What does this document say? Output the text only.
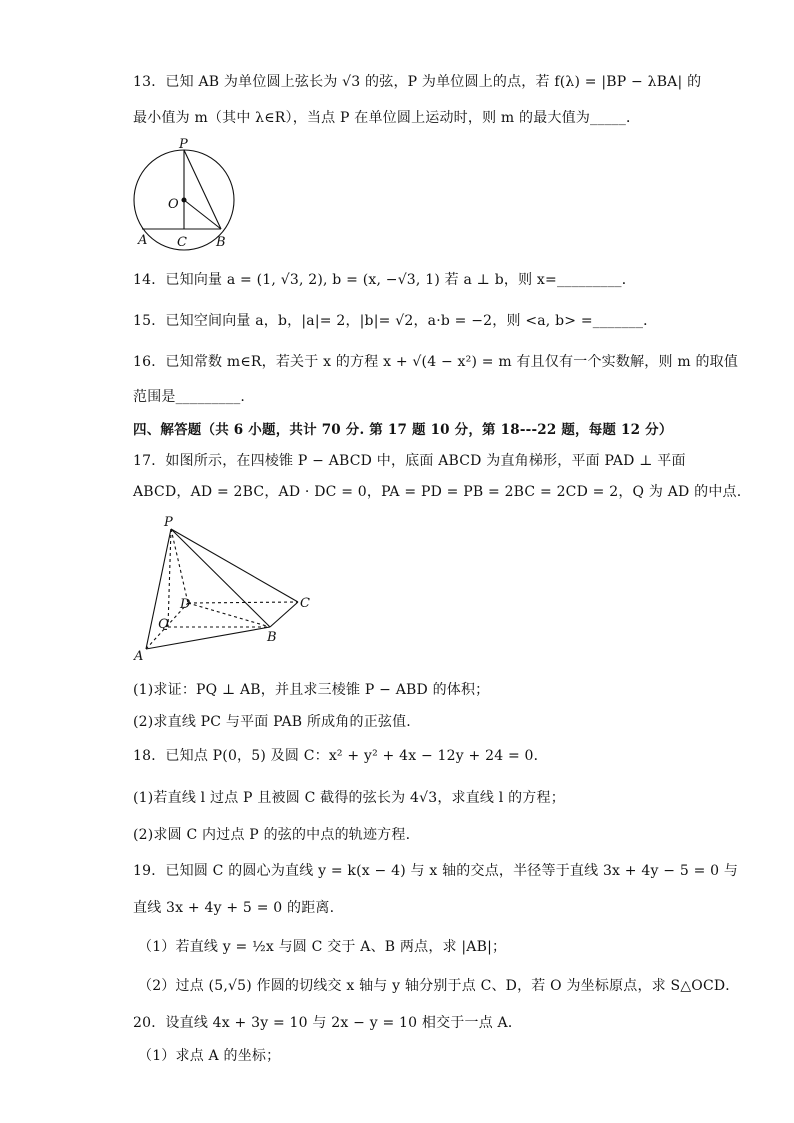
13．已知 AB 为单位圆上弦长为 √3 的弦，P 为单位圆上的点，若 f(λ) = |BP − λBA| 的
最小值为 m（其中 λ∈R），当点 P 在单位圆上运动时，则 m 的最大值为_____．
P
O
A C B
14．已知向量 a = (1, √3, 2), b = (x, −√3, 1) 若 a ⊥ b，则 x=_________．
15．已知空间向量 a，b，|a|= 2，|b|= √2，a·b = −2，则 <a, b> =_______．
16．已知常数 m∈R，若关于 x 的方程 x + √(4 − x²) = m 有且仅有一个实数解，则 m 的取值
范围是_________.
四、解答题（共 6 小题，共计 70 分. 第 17 题 10 分，第 18---22 题，每题 12 分）
17．如图所示，在四棱锥 P − ABCD 中，底面 ABCD 为直角梯形，平面 PAD ⊥ 平面
ABCD，AD = 2BC，AD · DC = 0，PA = PD = PB = 2BC = 2CD = 2，Q 为 AD 的中点.
P
D	C
Q
B
A
(1)求证：PQ ⊥ AB，并且求三棱锥 P − ABD 的体积；
(2)求直线 PC 与平面 PAB 所成角的正弦值.
18．已知点 P(0，5) 及圆 C：x² + y² + 4x − 12y + 24 = 0．
(1)若直线 l 过点 P 且被圆 C 截得的弦长为 4√3，求直线 l 的方程；
(2)求圆 C 内过点 P 的弦的中点的轨迹方程.
19．已知圆 C 的圆心为直线 y = k(x − 4) 与 x 轴的交点，半径等于直线 3x + 4y − 5 = 0 与
直线 3x + 4y + 5 = 0 的距离.
（1）若直线 y = ½x 与圆 C 交于 A、B 两点，求 |AB|；
（2）过点 (5,√5) 作圆的切线交 x 轴与 y 轴分别于点 C、D，若 O 为坐标原点，求 S△OCD．
20．设直线 4x + 3y = 10 与 2x − y = 10 相交于一点 A．
（1）求点 A 的坐标；
